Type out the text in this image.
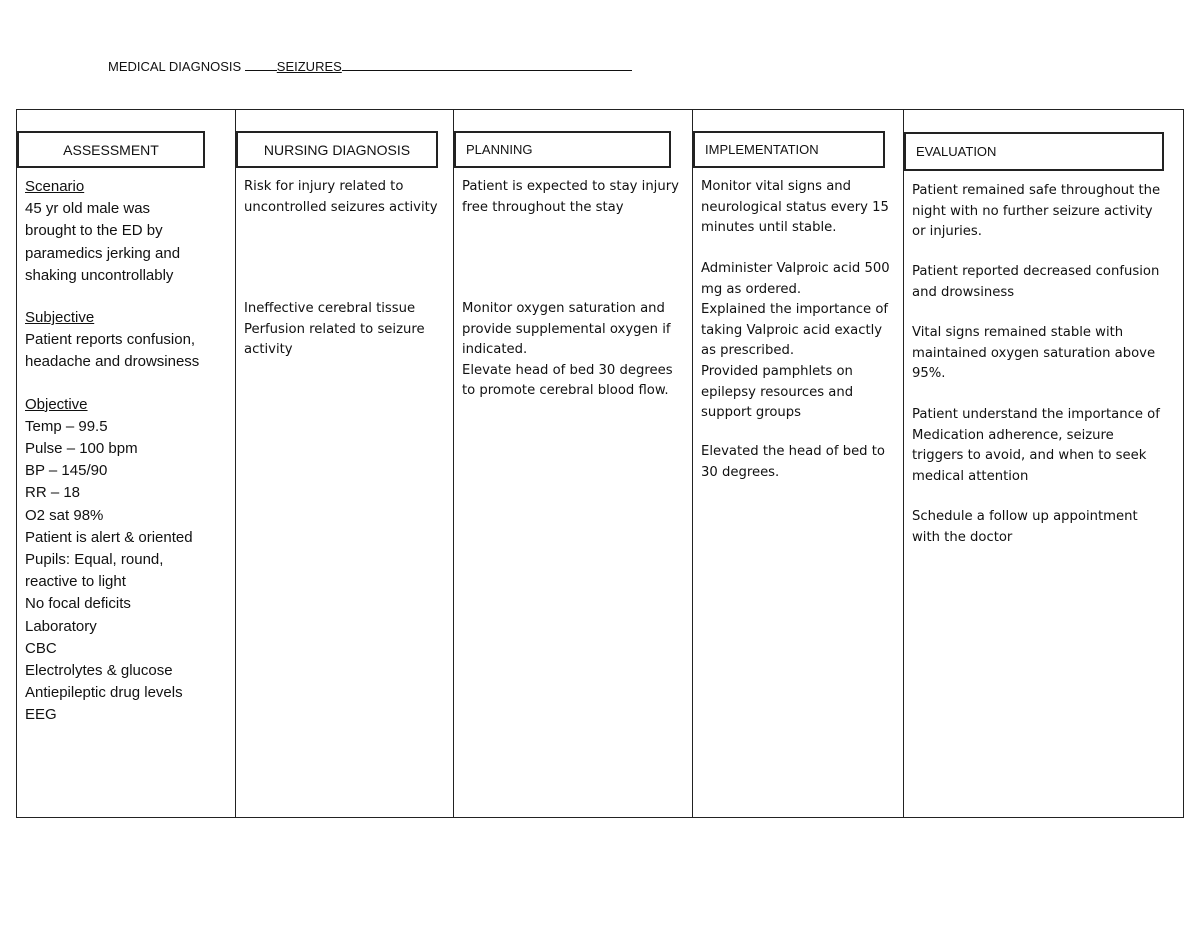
MEDICAL DIAGNOSIS	SEIZURES
ASSESSMENT

Scenario

45 yr old male was

brought to the ED by

paramedics jerking and

shaking uncontrollably

Subjective

Patient reports confusion,

headache and drowsiness

Objective

Temp – 99.5

Pulse – 100 bpm

BP – 145/90

RR – 18

O2 sat 98%

Patient is alert & oriented

Pupils: Equal, round,

reactive to light

No focal deficits

Laboratory

CBC

Electrolytes & glucose

Antiepileptic drug levels

EEG

NURSING DIAGNOSIS

Risk for injury related to

uncontrolled seizures activity

Ineffective cerebral tissue

Perfusion related to seizure

activity

PLANNING

Patient is expected to stay injury

free throughout the stay

Monitor oxygen saturation and

provide supplemental oxygen if

indicated.

Elevate head of bed 30 degrees

to promote cerebral blood flow.

IMPLEMENTATION

Monitor vital signs and

neurological status every 15

minutes until stable.

Administer Valproic acid 500

mg as ordered.

Explained the importance of

taking Valproic acid exactly

as prescribed.

Provided pamphlets on

epilepsy resources and

support groups

Elevated the head of bed to

30 degrees.

EVALUATION

Patient remained safe throughout the

night with no further seizure activity

or injuries.

Patient reported decreased confusion

and drowsiness

Vital signs remained stable with

maintained oxygen saturation above

95%.

Patient understand the importance of

Medication adherence, seizure

triggers to avoid, and when to seek

medical attention

Schedule a follow up appointment

with the doctor
